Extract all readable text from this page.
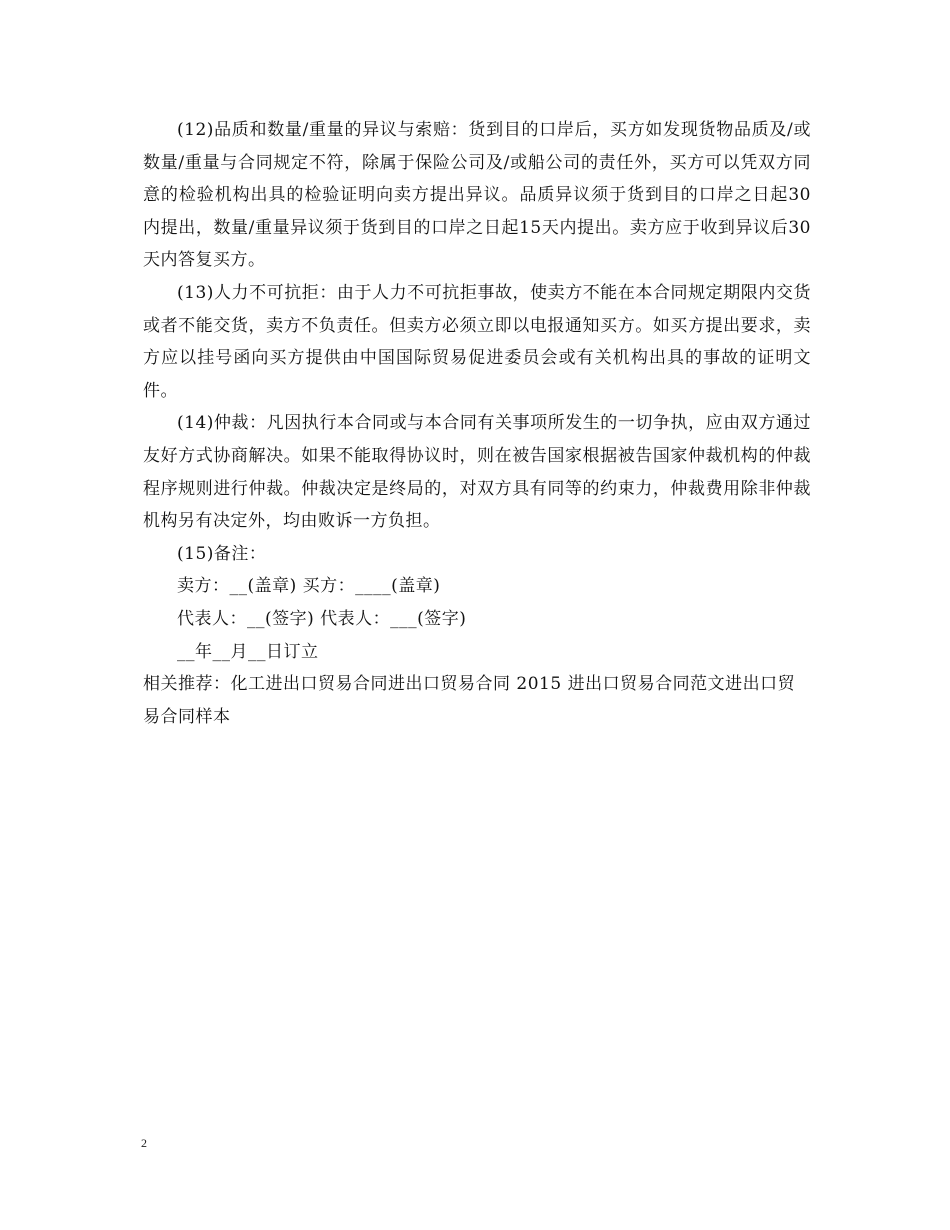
(12)品质和数量/重量的异议与索赔：货到目的口岸后，买方如发现货物品质及/或数量/重量与合同规定不符，除属于保险公司及/或船公司的责任外，买方可以凭双方同意的检验机构出具的检验证明向卖方提出异议。品质异议须于货到目的口岸之日起30内提出，数量/重量异议须于货到目的口岸之日起15天内提出。卖方应于收到异议后30天内答复买方。

(13)人力不可抗拒：由于人力不可抗拒事故，使卖方不能在本合同规定期限内交货或者不能交货，卖方不负责任。但卖方必须立即以电报通知买方。如买方提出要求，卖方应以挂号函向买方提供由中国国际贸易促进委员会或有关机构出具的事故的证明文件。

(14)仲裁：凡因执行本合同或与本合同有关事项所发生的一切争执，应由双方通过友好方式协商解决。如果不能取得协议时，则在被告国家根据被告国家仲裁机构的仲裁程序规则进行仲裁。仲裁决定是终局的，对双方具有同等的约束力，仲裁费用除非仲裁机构另有决定外，均由败诉一方负担。

(15)备注：

卖方：__(盖章) 买方：____(盖章)

代表人：__(签字) 代表人：___(签字)

__年__月__日订立

相关推荐：化工进出口贸易合同进出口贸易合同 2015 进出口贸易合同范文进出口贸易合同样本

2
